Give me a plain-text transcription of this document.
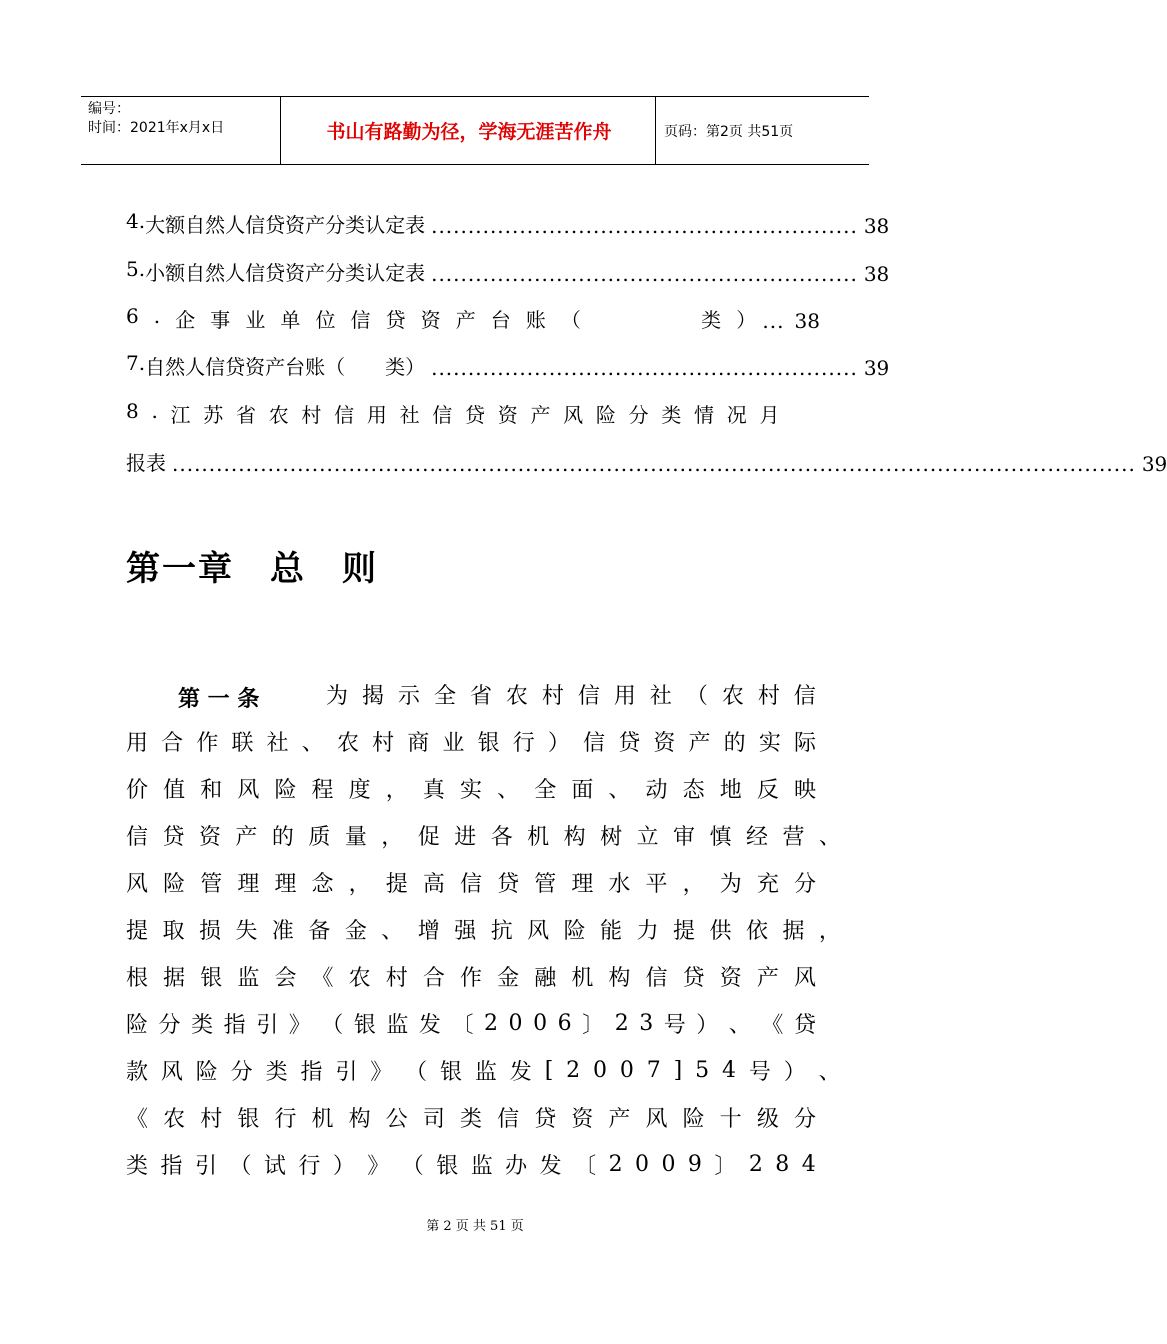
编号：
时间：2021年x月x日	书山有路勤为径，学海无涯苦作舟	页码：第2页 共51页
4 . 大 额 自 然 人 信 贷 资 产 分 类 认 定 表 .......................................................... 38
5 . 小 额 自 然 人 信 贷 资 产 分 类 认 定 表 .......................................................... 38
6 . 企 事 业 单 位 信 贷 资 产 台 账 （

　	类 ） ... 38
7 . 自 然 人 信 贷 资 产 台 账 （

　 类 ） .......................................................... 39
8 . 江 苏 省 农 村 信 用 社 信 贷 资 产 风 险 分 类 情 况 月
报 表 ................................................................................................................................... 39
第一章　总　则
第 一 条	为 揭 示 全 省 农 村 信 用 社 （ 农 村 信
用 合 作 联 社 、 农 村 商 业 银 行 ） 信 贷 资 产 的 实 际
价 值 和 风 险 程 度 ， 真 实 、 全 面 、 动 态 地 反 映
信 贷 资 产 的 质 量 ， 促 进 各 机 构 树 立 审 慎 经 营 、
风 险 管 理 理 念 ， 提 高 信 贷 管 理 水 平 ， 为 充 分
提 取 损 失 准 备 金 、 增 强 抗 风 险 能 力 提 供 依 据 ，
根 据 银 监 会 《 农 村 合 作 金 融 机 构 信 贷 资 产 风
险 分 类 指 引 》 （ 银 监 发 〔 2 0 0 6 〕 2 3 号 ） 、 《 贷
款 风 险 分 类 指 引 》 （ 银 监 发 [ 2 0 0 7 ] 5 4 号 ） 、
《 农 村 银 行 机 构 公 司 类 信 贷 资 产 风 险 十 级 分
类 指 引 （ 试 行 ） 》 （ 银 监 办 发 〔 2 0 0 9 〕 2 8 4
第 2 页 共 51 页
